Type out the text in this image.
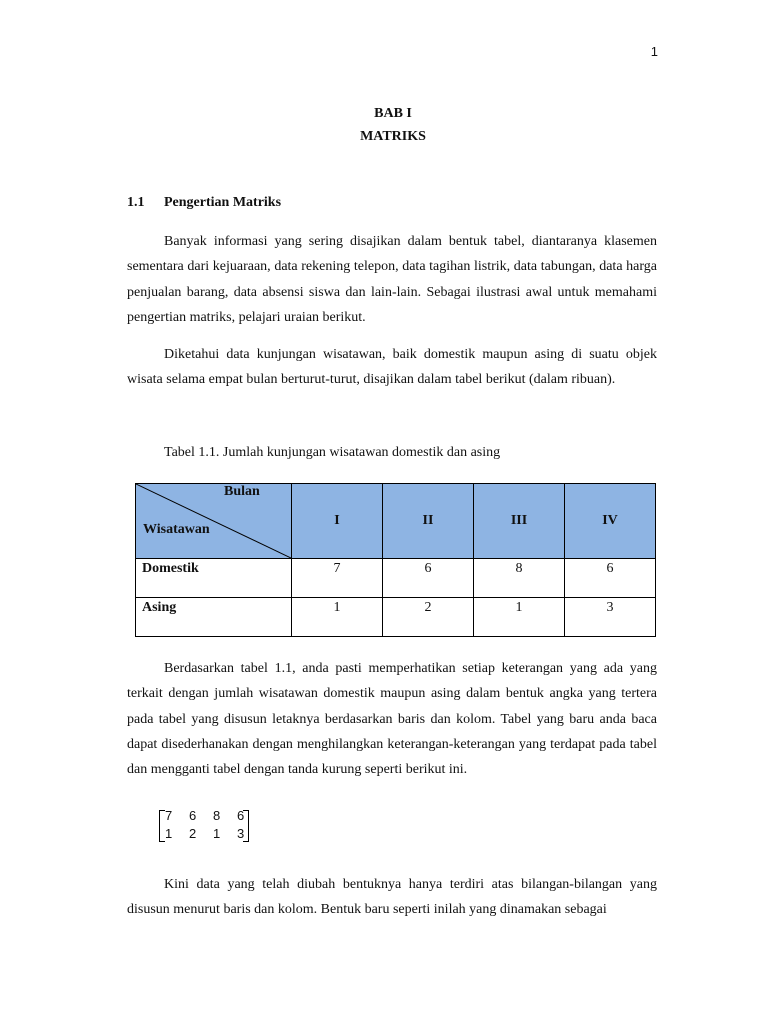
1
BAB I
MATRIKS
1.1 Pengertian Matriks

Banyak informasi yang sering disajikan dalam bentuk tabel, diantaranya klasemen sementara dari kejuaraan, data rekening telepon, data tagihan listrik, data tabungan, data harga penjualan barang, data absensi siswa dan lain-lain. Sebagai ilustrasi awal untuk memahami pengertian matriks, pelajari uraian berikut.

Diketahui data kunjungan wisatawan, baik domestik maupun asing di suatu objek wisata selama empat bulan berturut-turut, disajikan dalam tabel berikut (dalam ribuan).

Tabel 1.1. Jumlah kunjungan wisatawan domestik dan asing
Bulan
Wisatawan	I	II	III	IV
Domestik	7	6	8	6
Asing	1	2	1	3

Berdasarkan tabel 1.1, anda pasti memperhatikan setiap keterangan yang ada yang terkait dengan jumlah wisatawan domestik maupun asing dalam bentuk angka yang tertera pada tabel yang disusun letaknya berdasarkan baris dan kolom. Tabel yang baru anda baca dapat disederhanakan dengan menghilangkan keterangan-keterangan yang terdapat pada tabel dan mengganti tabel dengan tanda kurung seperti berikut ini.

7 6 8 6
1 2 1 3

Kini data yang telah diubah bentuknya hanya terdiri atas bilangan-bilangan yang disusun menurut baris dan kolom. Bentuk baru seperti inilah yang dinamakan sebagai
